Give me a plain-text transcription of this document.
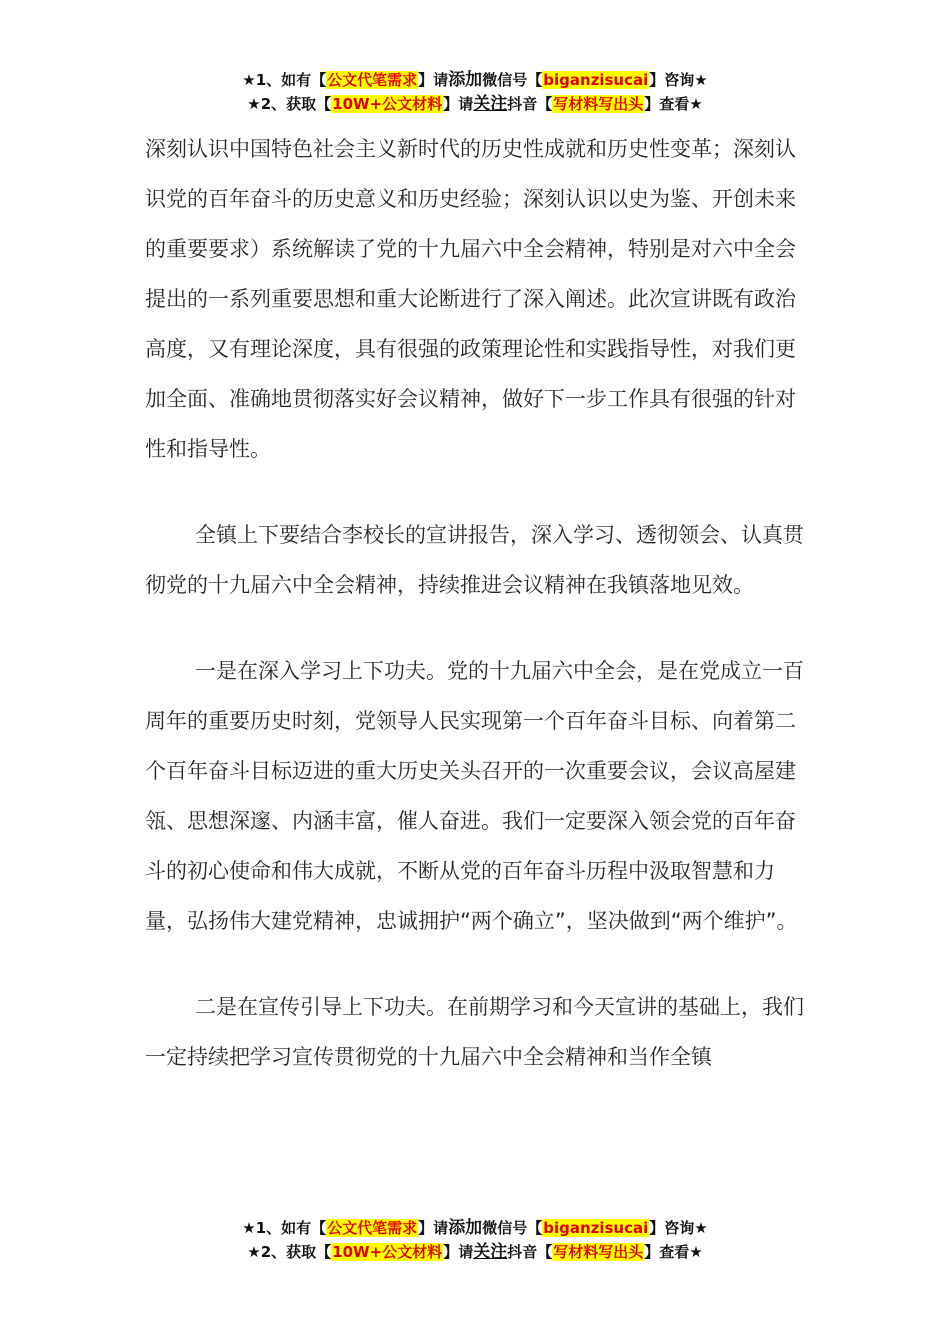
★1、如有【公文代笔需求】请添加微信号【biganzisucai】咨询★
★2、获取【10W+公文材料】请关注抖音【写材料写出头】查看★

深刻认识中国特色社会主义新时代的历史性成就和历史性变革；深刻认识党的百年奋斗的历史意义和历史经验；深刻认识以史为鉴、开创未来的重要要求）系统解读了党的十九届六中全会精神，特别是对六中全会提出的一系列重要思想和重大论断进行了深入阐述。此次宣讲既有政治高度，又有理论深度，具有很强的政策理论性和实践指导性，对我们更加全面、准确地贯彻落实好会议精神，做好下一步工作具有很强的针对性和指导性。

全镇上下要结合李校长的宣讲报告，深入学习、透彻领会、认真贯彻党的十九届六中全会精神，持续推进会议精神在我镇落地见效。

一是在深入学习上下功夫。党的十九届六中全会，是在党成立一百周年的重要历史时刻，党领导人民实现第一个百年奋斗目标、向着第二个百年奋斗目标迈进的重大历史关头召开的一次重要会议，会议高屋建瓴、思想深邃、内涵丰富，催人奋进。我们一定要深入领会党的百年奋斗的初心使命和伟大成就，不断从党的百年奋斗历程中汲取智慧和力量，弘扬伟大建党精神，忠诚拥护“两个确立”，坚决做到“两个维护”。

二是在宣传引导上下功夫。在前期学习和今天宣讲的基础上，我们一定持续把学习宣传贯彻党的十九届六中全会精神和当作全镇

★1、如有【公文代笔需求】请添加微信号【biganzisucai】咨询★
★2、获取【10W+公文材料】请关注抖音【写材料写出头】查看★
